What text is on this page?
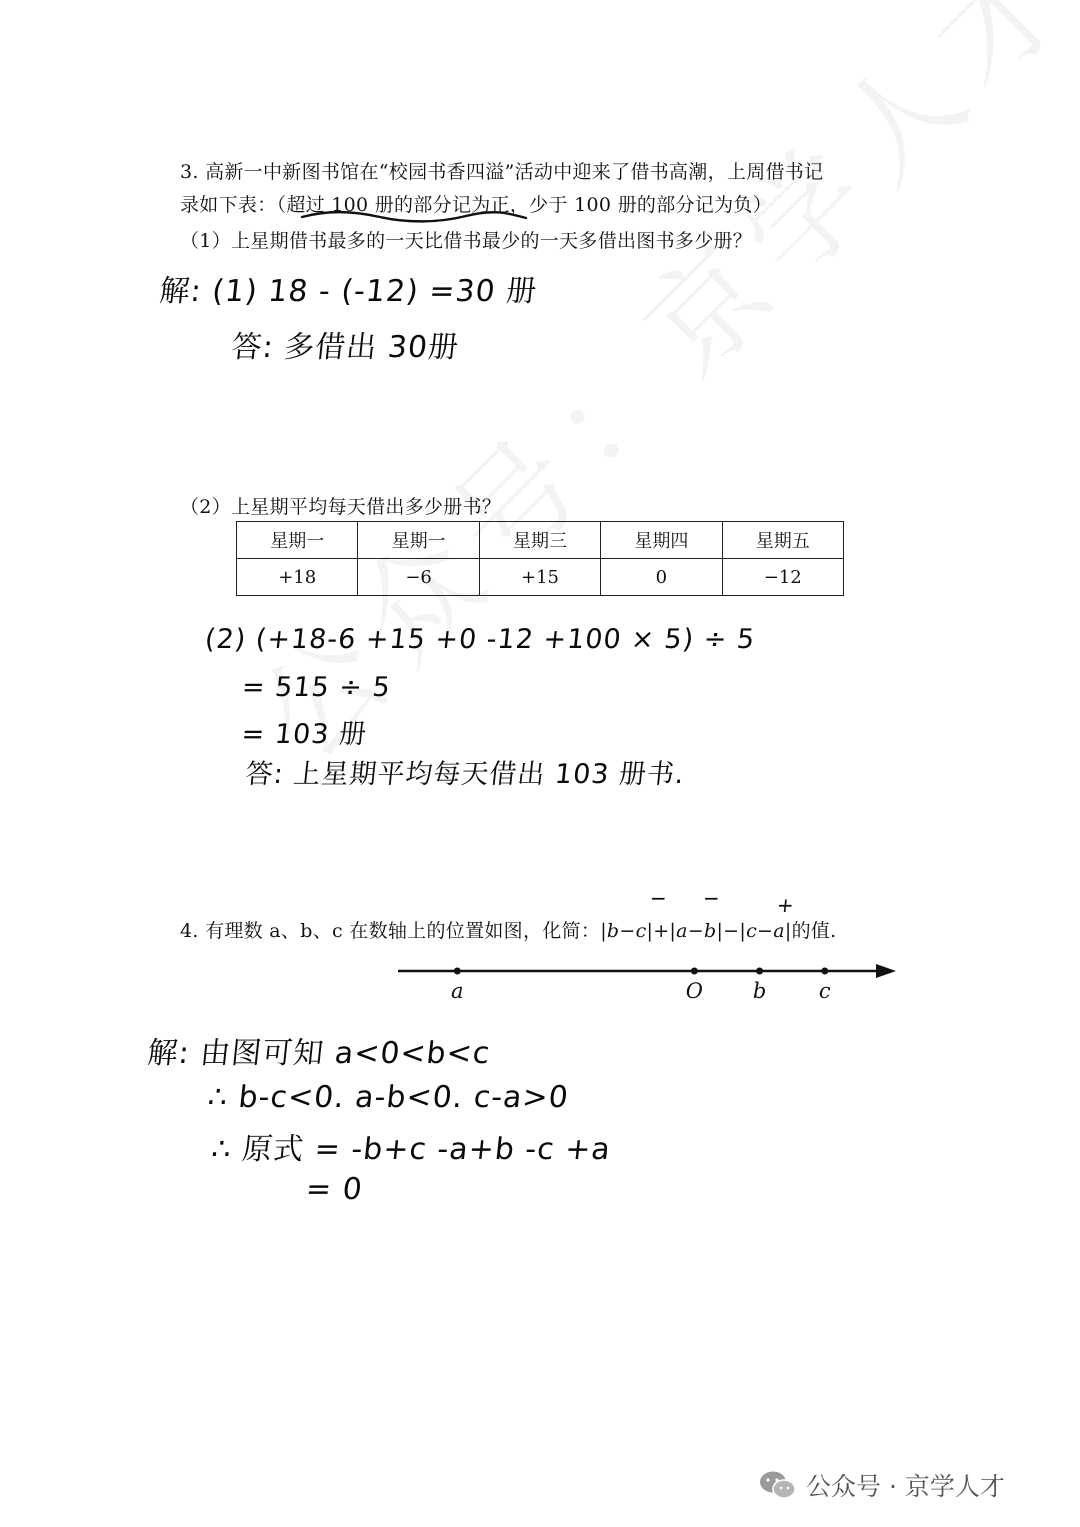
3. 高新一中新图书馆在“校园书香四溢”活动中迎来了借书高潮，上周借书记
录如下表：（超过 100 册的部分记为正，少于 100 册的部分记为负）
（1）上星期借书最多的一天比借书最少的一天多借出图书多少册？
解: (1) 18 - (-12) =30 册
答: 多借出 30册
（2）上星期平均每天借出多少册书？
星期一	星期一	星期三	星期四	星期五
+18	−6	+15	0	−12
(2) (+18-6 +15 +0 -12 +100 × 5) ÷ 5
= 515 ÷ 5
= 103 册
答: 上星期平均每天借出 103 册书.
4. 有理数 a、b、c 在数轴上的位置如图，化简：|b−c|+|a−b|−|c−a|的值.
− −	+
a	O b	c
解: 由图可知 a<0<b<c
∴ b-c<0. a-b<0. c-a>0
∴ 原式 = -b+c -a+b -c +a
= 0
公众号 · 京学人才
